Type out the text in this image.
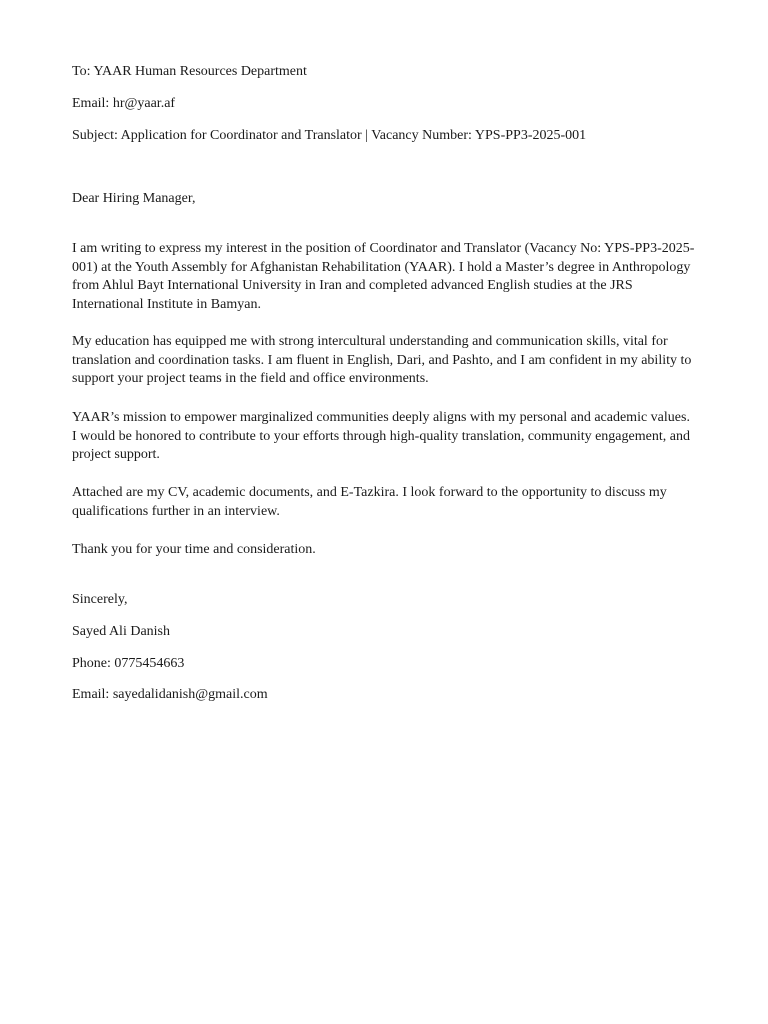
To: YAAR Human Resources Department

Email: hr@yaar.af

Subject: Application for Coordinator and Translator | Vacancy Number: YPS-PP3-2025-001

Dear Hiring Manager,

I am writing to express my interest in the position of Coordinator and Translator (Vacancy No: YPS-PP3-2025-001) at the Youth Assembly for Afghanistan Rehabilitation (YAAR). I hold a Master’s degree in Anthropology from Ahlul Bayt International University in Iran and completed advanced English studies at the JRS International Institute in Bamyan.

My education has equipped me with strong intercultural understanding and communication skills, vital for translation and coordination tasks. I am fluent in English, Dari, and Pashto, and I am confident in my ability to support your project teams in the field and office environments.

YAAR’s mission to empower marginalized communities deeply aligns with my personal and academic values. I would be honored to contribute to your efforts through high-quality translation, community engagement, and project support.

Attached are my CV, academic documents, and E-Tazkira. I look forward to the opportunity to discuss my qualifications further in an interview.

Thank you for your time and consideration.

Sincerely,

Sayed Ali Danish

Phone: 0775454663

Email: sayedalidanish@gmail.com
